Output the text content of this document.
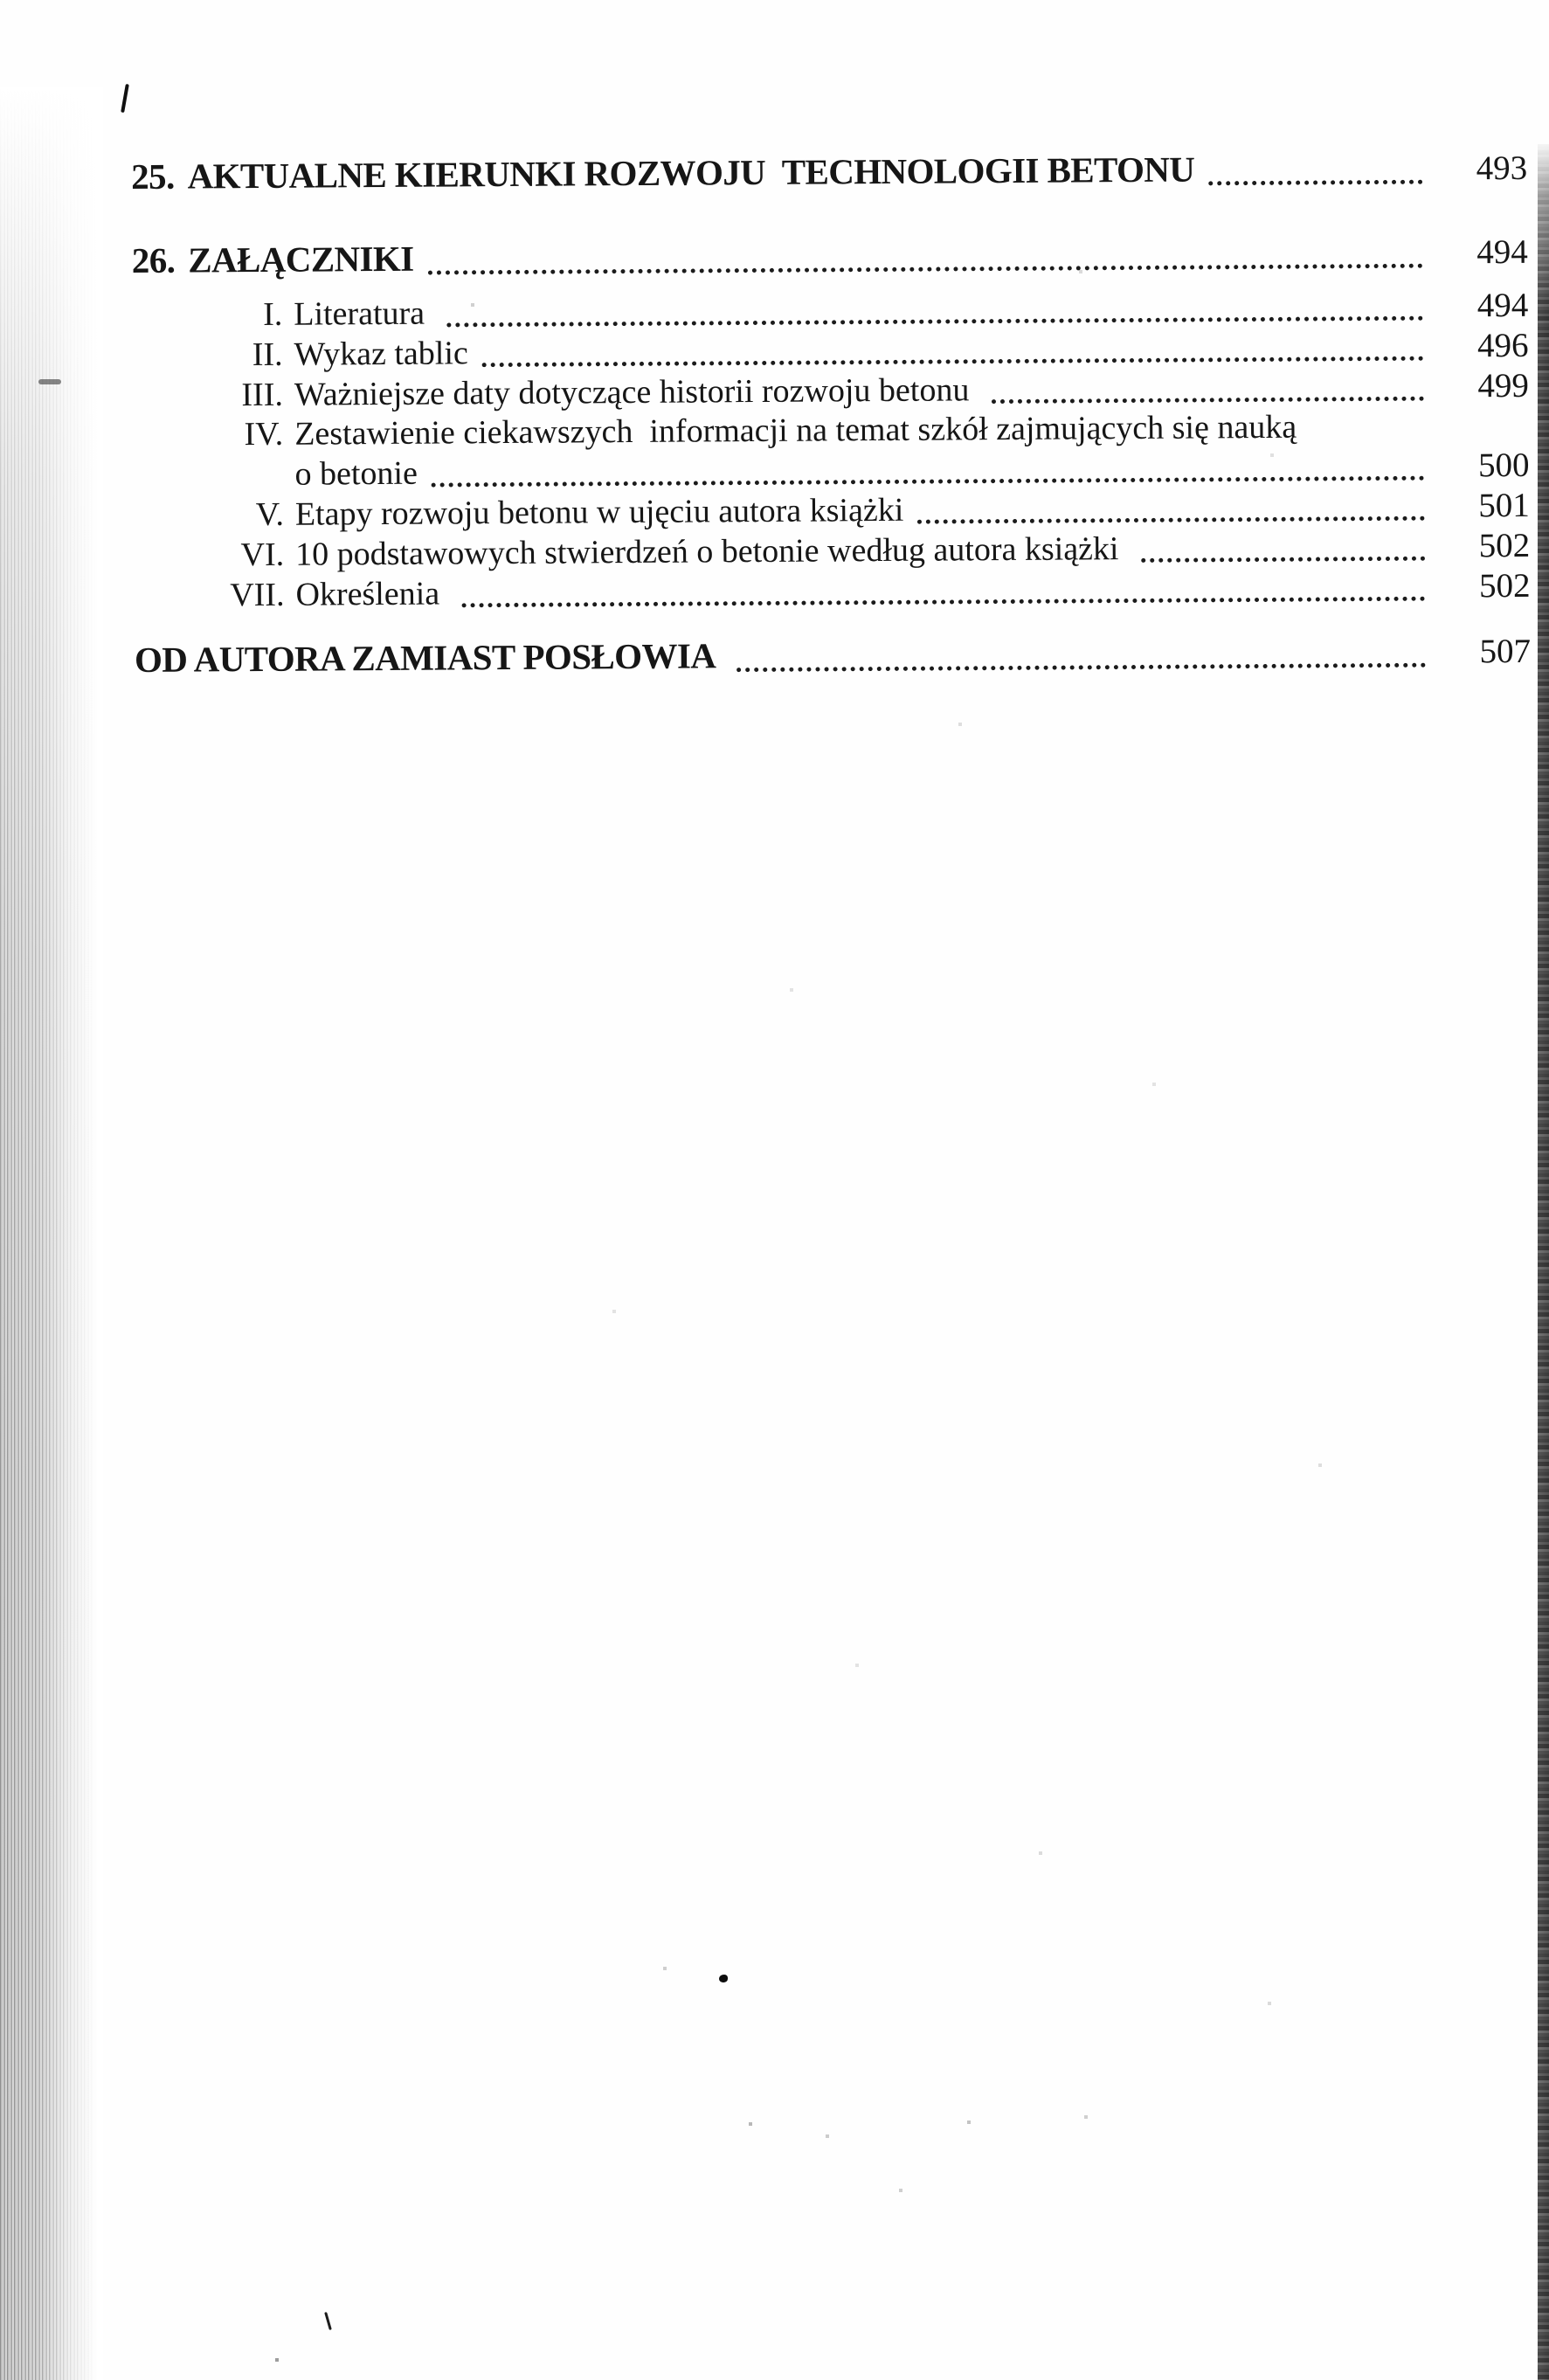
25. AKTUALNE KIERUNKI ROZWOJU  TECHNOLOGII BETONU	493
26. ZAŁĄCZNIKI	494
I. Literatura	494
II. Wykaz tablic	496
III. Ważniejsze daty dotyczące historii rozwoju betonu	499
IV. Zestawienie ciekawszych  informacji na temat szkół zajmujących się nauką
o betonie	500
V. Etapy rozwoju betonu w ujęciu autora książki	501
VI. 10 podstawowych stwierdzeń o betonie według autora książki	502
VII. Określenia	502
OD AUTORA ZAMIAST POSŁOWIA	507
